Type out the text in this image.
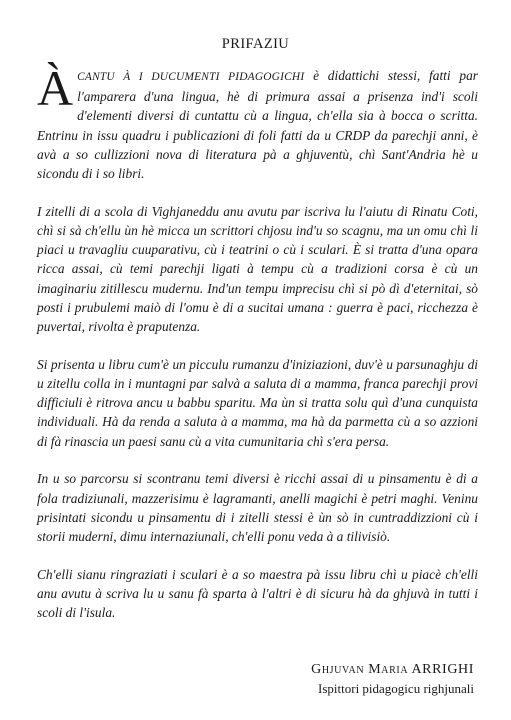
PRIFAZIU

ÀCANTU À I DUCUMENTI PIDAGOGICHI è didattichi stessi, fatti par l'amparera d'una lingua, hè di primura assai a prisenza ind'i scoli d'elementi diversi di cuntattu cù a lingua, ch'ella sia à bocca o scritta. Entrinu in issu quadru i publicazioni di foli fatti da u CRDP da parechji anni, è avà a so cullizzioni nova di literatura pà a ghjuventù, chì Sant'Andria hè u sicondu di i so libri.

I zitelli di a scola di Vighjaneddu anu avutu par iscriva lu l'aiutu di Rinatu Coti, chì si sà ch'ellu ùn hè micca un scrittori chjosu ind'u so scagnu, ma un omu chì li piaci u travagliu cuuparativu, cù i teatrini o cù i sculari. È si tratta d'una opara ricca assai, cù temi parechji ligati à tempu cù a tradizioni corsa è cù un imaginariu zitillescu mudernu. Ind'un tempu imprecisu chì si pò dì d'eternitai, sò posti i prubulemi maiò di l'omu è di a sucitai umana : guerra è paci, ricchezza è puvertai, rivolta è praputenza.

Si prisenta u libru cum'è un picculu rumanzu d'iniziazioni, duv'è u parsunaghju di u zitellu colla in i muntagni par salvà a saluta di a mamma, franca parechji provi difficiuli è ritrova ancu u babbu sparitu. Ma ùn si tratta solu quì d'una cunquista individuali. Hà da renda a saluta à a mamma, ma hà da parmetta cù a so azzioni di fà rinascia un paesi sanu cù a vita cumunitaria chì s'era persa.

In u so parcorsu si scontranu temi diversi è ricchi assai di u pinsamentu è di a fola tradiziunali, mazzerisimu è lagramanti, anelli magichi è petri maghi. Veninu prisintati sicondu u pinsamentu di i zitelli stessi è ùn sò in cuntraddizzioni cù i storii muderni, dimu internaziunali, ch'elli ponu veda à a tilivisiò.

Ch'elli sianu ringraziati i sculari è a so maestra pà issu libru chì u piacè ch'elli anu avutu à scriva lu u sanu fà sparta à l'altri è di sicuru hà da ghjuvà in tutti i scoli di l'isula.

Ghjuvan Maria ARRIGHI
Ispittori pidagogicu righjunali
